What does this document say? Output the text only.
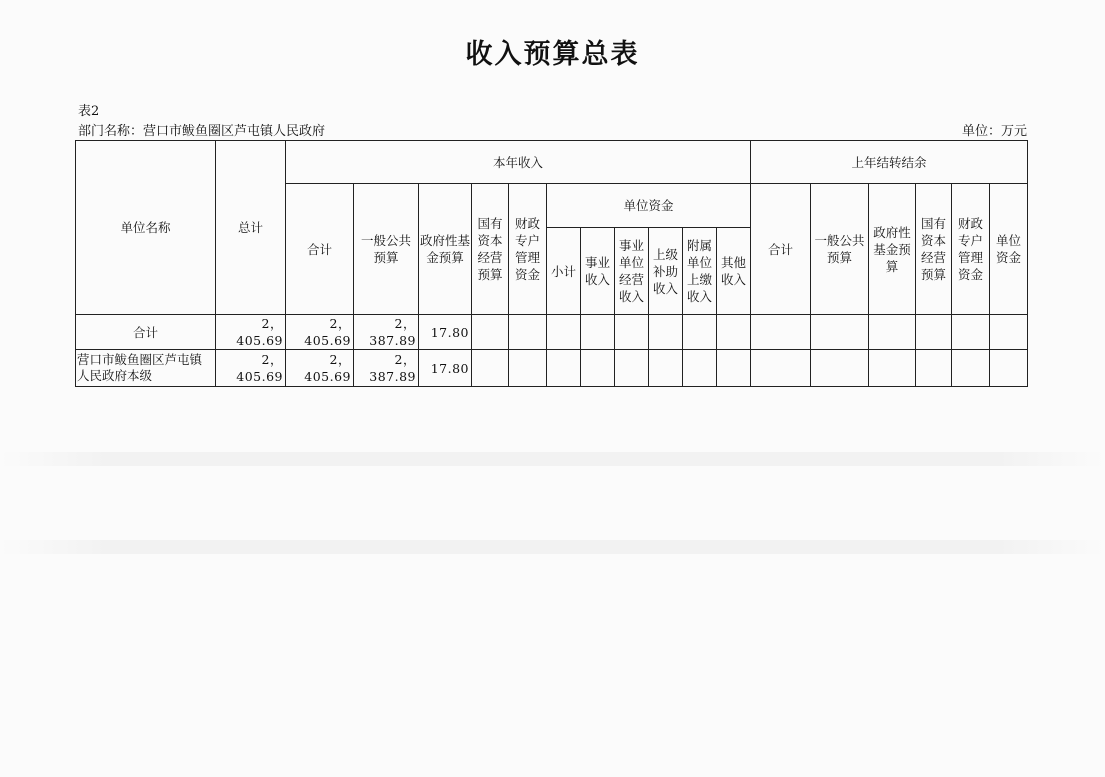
收入预算总表
表2
部门名称：营口市鲅鱼圈区芦屯镇人民政府	单位：万元
单位名称	总计	本年收入											上年结转结余					
		合计	一般公共预算	政府性基金预算	国有资本经营预算	财政专户管理资金	单位资金						合计	一般公共预算	政府性基金预算	国有资本经营预算	财政专户管理资金	单位资金
							小计	事业收入	事业单位经营收入	上级补助收入	附属单位上缴收入	其他收入						
合计	2，405.69	2，405.69	2，387.89	17.80														
营口市鲅鱼圈区芦屯镇人民政府本级	2，405.69	2，405.69	2，387.89	17.80														
